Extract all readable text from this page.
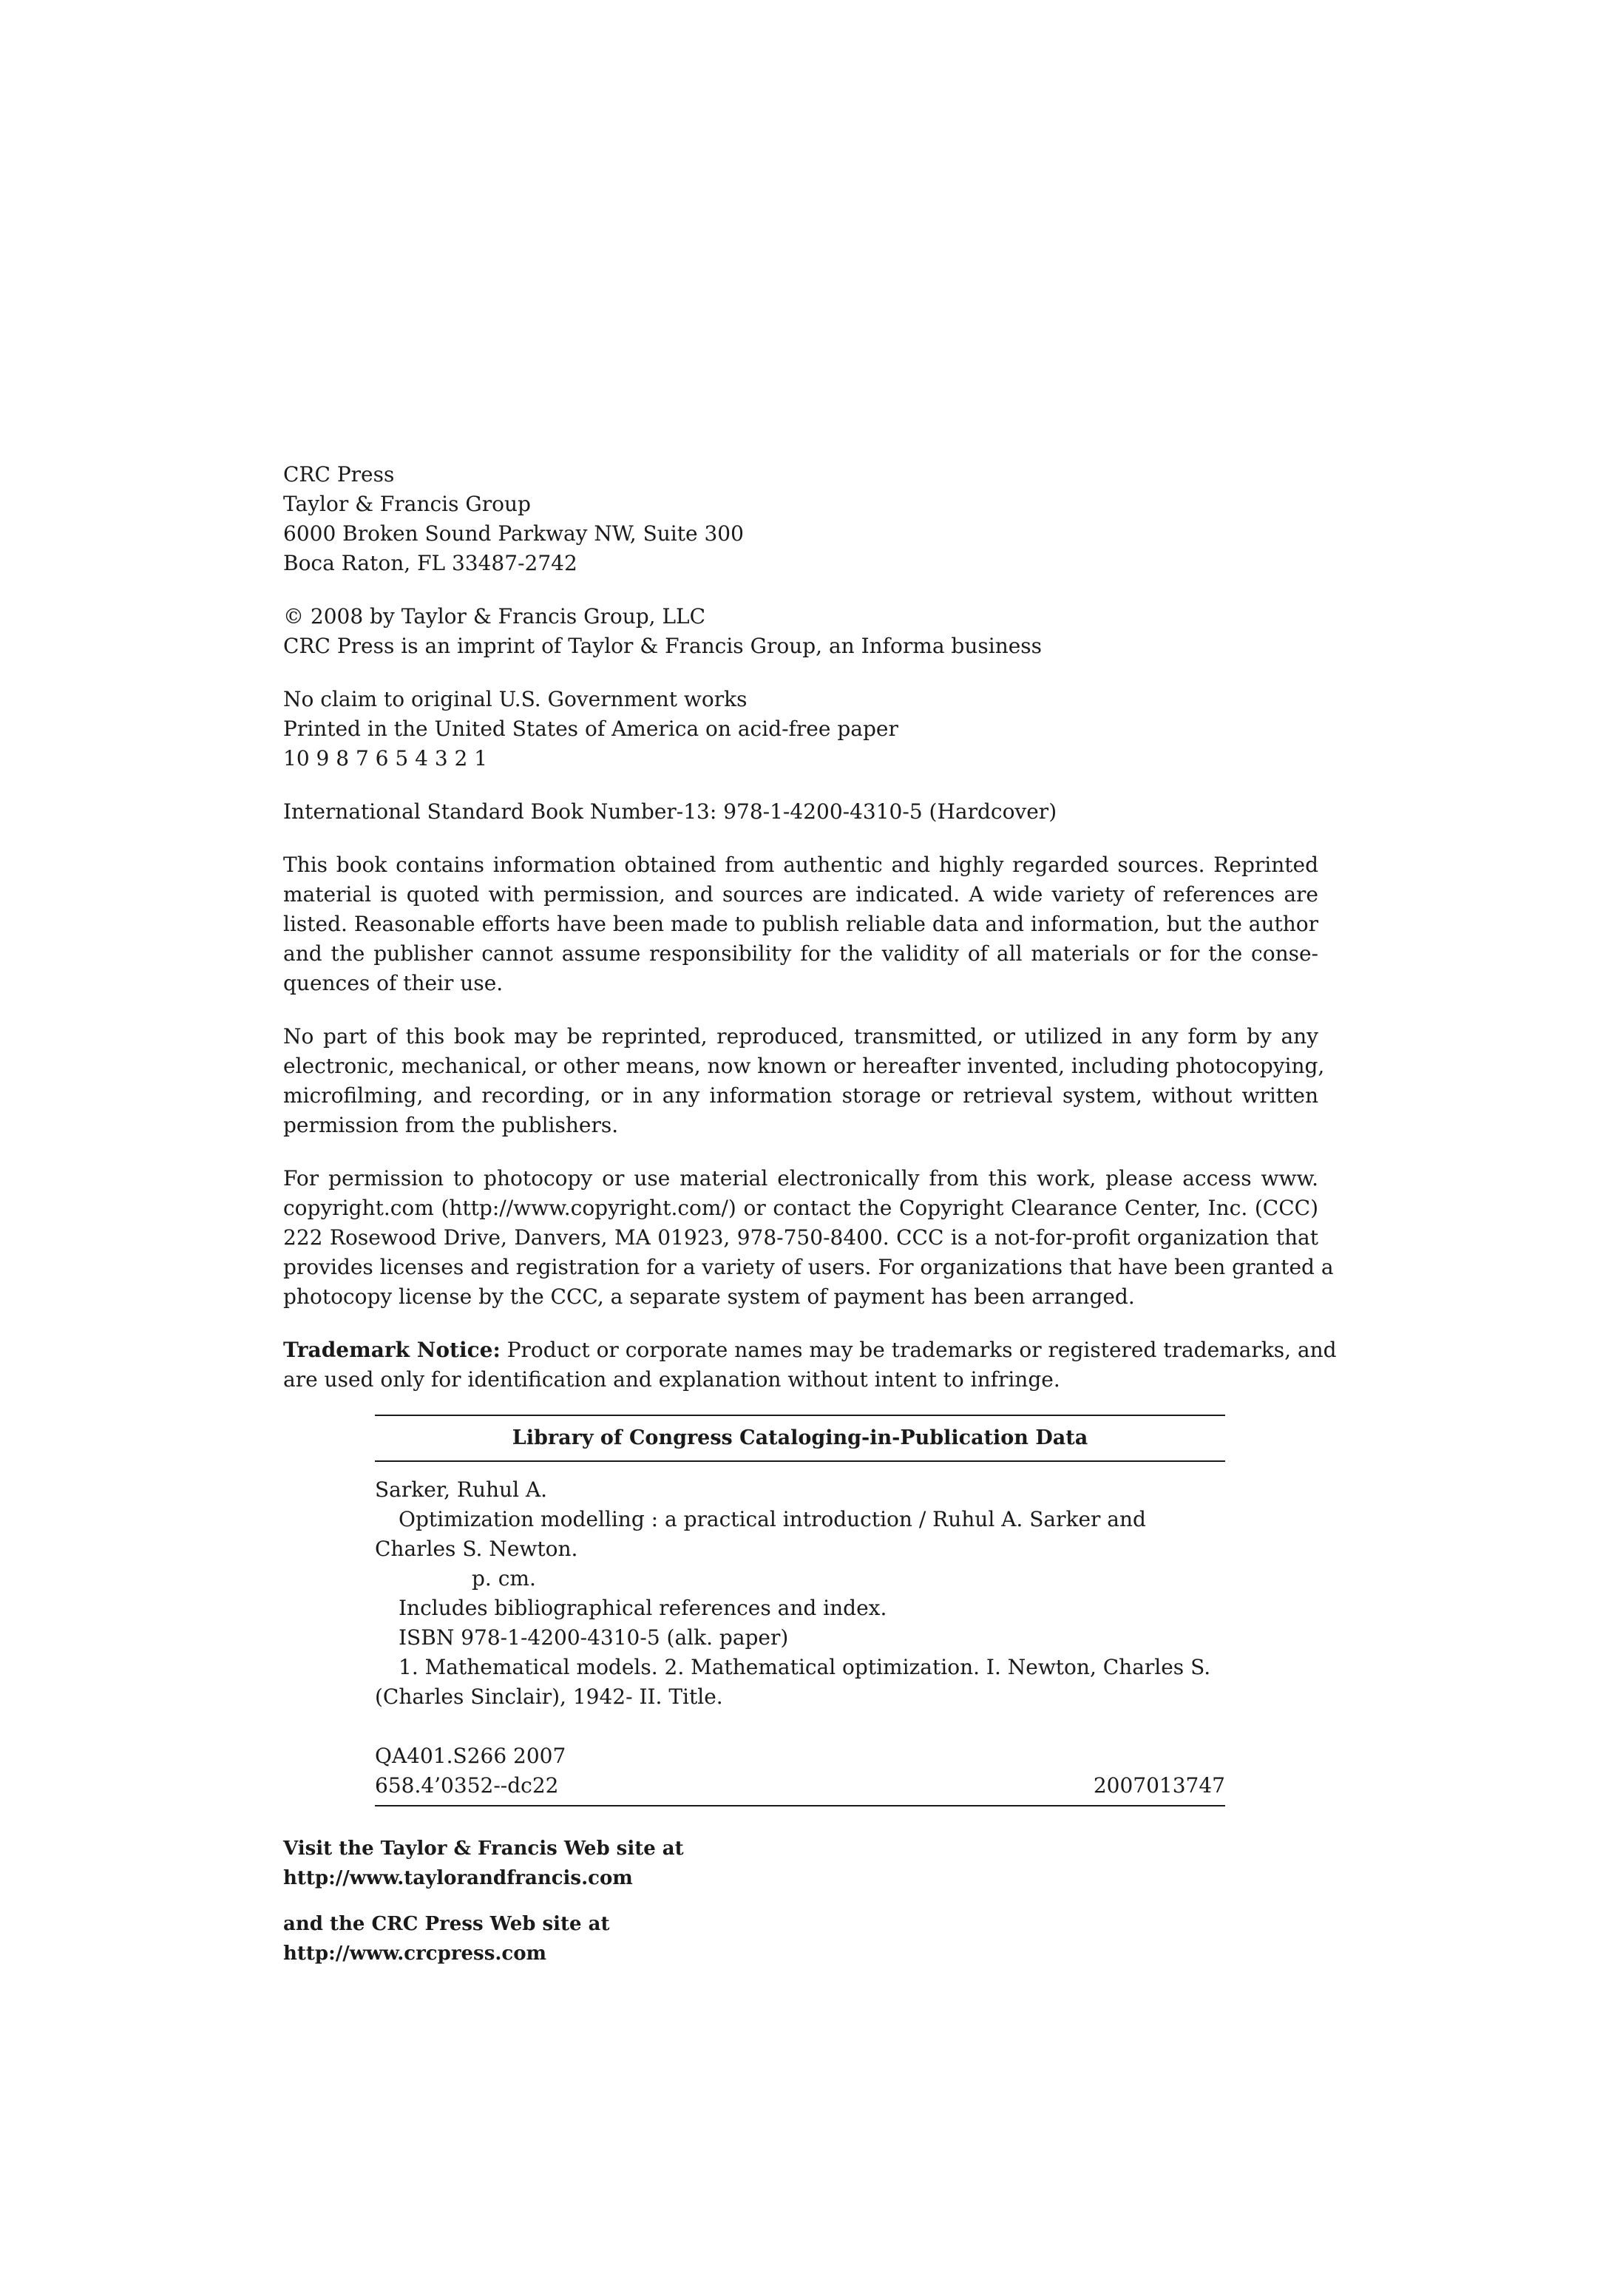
CRC Press
Taylor & Francis Group
6000 Broken Sound Parkway NW, Suite 300
Boca Raton, FL 33487-2742
© 2008 by Taylor & Francis Group, LLC
CRC Press is an imprint of Taylor & Francis Group, an Informa business
No claim to original U.S. Government works
Printed in the United States of America on acid-free paper
10 9 8 7 6 5 4 3 2 1
International Standard Book Number-13: 978-1-4200-4310-5 (Hardcover)
This book contains information obtained from authentic and highly regarded sources. Reprinted
material is quoted with permission, and sources are indicated. A wide variety of references are
listed. Reasonable efforts have been made to publish reliable data and information, but the author
and the publisher cannot assume responsibility for the validity of all materials or for the conse-
quences of their use.
No part of this book may be reprinted, reproduced, transmitted, or utilized in any form by any
electronic, mechanical, or other means, now known or hereafter invented, including photocopying,
microfilming, and recording, or in any information storage or retrieval system, without written
permission from the publishers.
For permission to photocopy or use material electronically from this work, please access www.
copyright.com (http://www.copyright.com/) or contact the Copyright Clearance Center, Inc. (CCC)
222 Rosewood Drive, Danvers, MA 01923, 978-750-8400. CCC is a not-for-profit organization that
provides licenses and registration for a variety of users. For organizations that have been granted a
photocopy license by the CCC, a separate system of payment has been arranged.
Trademark Notice: Product or corporate names may be trademarks or registered trademarks, and
are used only for identification and explanation without intent to infringe.
Library of Congress Cataloging-in-Publication Data
Sarker, Ruhul A.
Optimization modelling : a practical introduction / Ruhul A. Sarker and
Charles S. Newton.
p. cm.
Includes bibliographical references and index.
ISBN 978-1-4200-4310-5 (alk. paper)
1. Mathematical models. 2. Mathematical optimization. I. Newton, Charles S.
(Charles Sinclair), 1942- II. Title.
QA401.S266 2007
658.4’0352--dc22	2007013747
Visit the Taylor & Francis Web site at
http://www.taylorandfrancis.com
and the CRC Press Web site at
http://www.crcpress.com
